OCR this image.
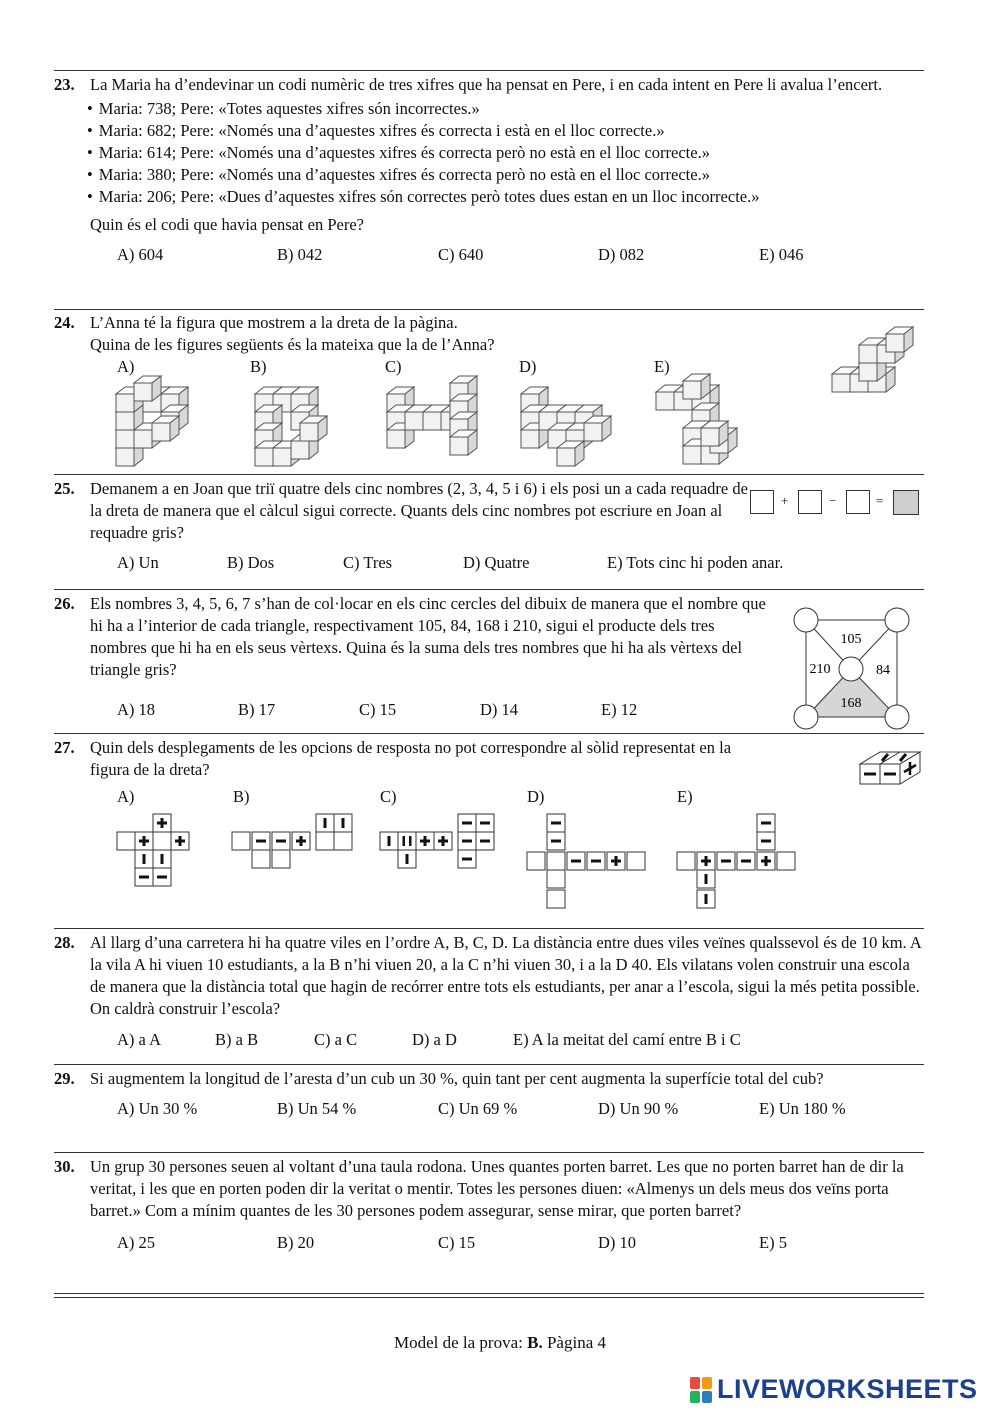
23. La Maria ha d’endevinar un codi numèric de tres xifres que ha pensat en Pere, i en cada intent en Pere li avalua l’encert.
• Maria: 738; Pere: «Totes aquestes xifres són incorrectes.»
• Maria: 682; Pere: «Només una d’aquestes xifres és correcta i està en el lloc correcte.»
• Maria: 614; Pere: «Només una d’aquestes xifres és correcta però no està en el lloc correcte.»
• Maria: 380; Pere: «Només una d’aquestes xifres és correcta però no està en el lloc correcte.»
• Maria: 206; Pere: «Dues d’aquestes xifres són correctes però totes dues estan en un lloc incorrecte.»
Quin és el codi que havia pensat en Pere?
A) 604	B) 042	C) 640	D) 082	E) 046
24. L’Anna té la figura que mostrem a la dreta de la pàgina.
Quina de les figures següents és la mateixa que la de l’Anna?
A)	B)	C)	D)	E)
25. Demanem a en Joan que triï quatre dels cinc nombres (2, 3, 4, 5 i 6) i els posi un a cada requadre de la dreta de manera que el càlcul sigui correcte. Quants dels cinc nombres pot escriure en Joan al requadre gris?
A) Un	B) Dos	C) Tres	D) Quatre	E) Tots cinc hi poden anar.
+	−	=
26. Els nombres 3, 4, 5, 6, 7 s’han de col·locar en els cinc cercles del dibuix de manera que el nombre que hi ha a l’interior de cada triangle, respectivament 105, 84, 168 i 210, sigui el producte dels tres nombres que hi ha en els seus vèrtexs. Quina és la suma dels tres nombres que hi ha als vèrtexs del triangle gris?
A) 18	B) 17	C) 15	D) 14	E) 12
105
84
168
210
27. Quin dels desplegaments de les opcions de resposta no pot correspondre al sòlid representat en la figura de la dreta?
A)	B)	C)	D)	E)
28. Al llarg d’una carretera hi ha quatre viles en l’ordre A, B, C, D. La distància entre dues viles veïnes qualssevol és de 10 km. A la vila A hi viuen 10 estudiants, a la B n’hi viuen 20, a la C n’hi viuen 30, i a la D 40. Els vilatans volen construir una escola de manera que la distància total que hagin de recórrer entre tots els estudiants, per anar a l’escola, sigui la més petita possible. On caldrà construir l’escola?
A) a A	B) a B	C) a C	D) a D	E) A la meitat del camí entre B i C
29. Si augmentem la longitud de l’aresta d’un cub un 30 %, quin tant per cent augmenta la superfície total del cub?
A) Un 30 %	B) Un 54 %	C) Un 69 %	D) Un 90 %	E) Un 180 %
30. Un grup 30 persones seuen al voltant d’una taula rodona. Unes quantes porten barret. Les que no porten barret han de dir la veritat, i les que en porten poden dir la veritat o mentir. Totes les persones diuen: «Almenys un dels meus dos veïns porta barret.» Com a mínim quantes de les 30 persones podem assegurar, sense mirar, que porten barret?
A) 25	B) 20	C) 15	D) 10	E) 5
Model de la prova: B. Pàgina 4
LIVEWORKSHEETS
